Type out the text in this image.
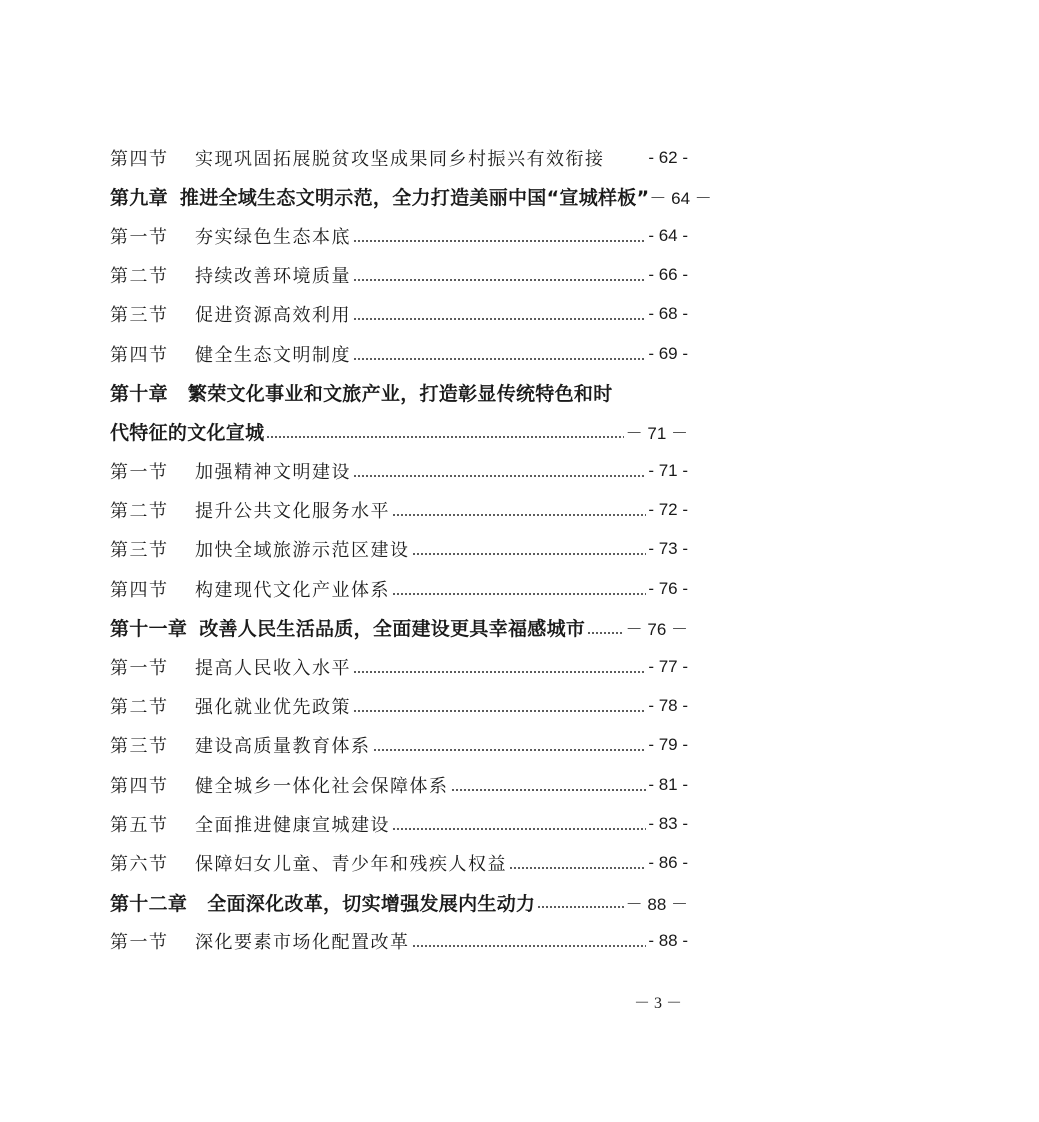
第四节	实现巩固拓展脱贫攻坚成果同乡村振兴有效衔接	- 62 -
第九章 推进全域生态文明示范，全力打造美丽中国“宣城样板” － 64 －
第一节	夯实绿色生态本底	- 64 -
第二节	持续改善环境质量	- 66 -
第三节	促进资源高效利用	- 68 -
第四节	健全生态文明制度	- 69 -
第十章 繁荣文化事业和文旅产业，打造彰显传统特色和时
代特征的文化宣城	－ 71 －
第一节	加强精神文明建设	- 71 -
第二节	提升公共文化服务水平	- 72 -
第三节	加快全域旅游示范区建设	- 73 -
第四节	构建现代文化产业体系	- 76 -
第十一章 改善人民生活品质，全面建设更具幸福感城市 － 76 －
第一节	提高人民收入水平	- 77 -
第二节	强化就业优先政策	- 78 -
第三节	建设高质量教育体系	- 79 -
第四节	健全城乡一体化社会保障体系	- 81 -
第五节	全面推进健康宣城建设	- 83 -
第六节	保障妇女儿童、青少年和残疾人权益	- 86 -
第十二章 全面深化改革，切实增强发展内生动力	－ 88 －
第一节	深化要素市场化配置改革	- 88 -
－ 3 －
